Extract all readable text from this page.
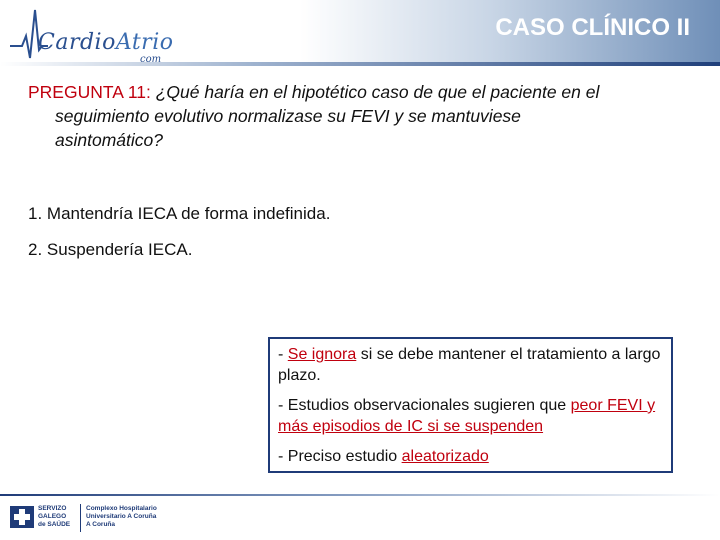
CardioAtrio
com
CASO CLÍNICO II
PREGUNTA 11: ¿Qué haría en el hipotético caso de que el paciente en el
seguimiento evolutivo normalizase su FEVI y se mantuviese
asintomático?
1. Mantendría IECA de forma indefinida.
2. Suspendería IECA.
- Se ignora si se debe mantener el tratamiento a largo plazo.
- Estudios observacionales sugieren que peor FEVI y más episodios de IC si se suspenden
- Preciso estudio aleatorizado
SERVIZO
GALEGO
de SAÚDE
Complexo Hospitalario
Universitario A Coruña
A Coruña
